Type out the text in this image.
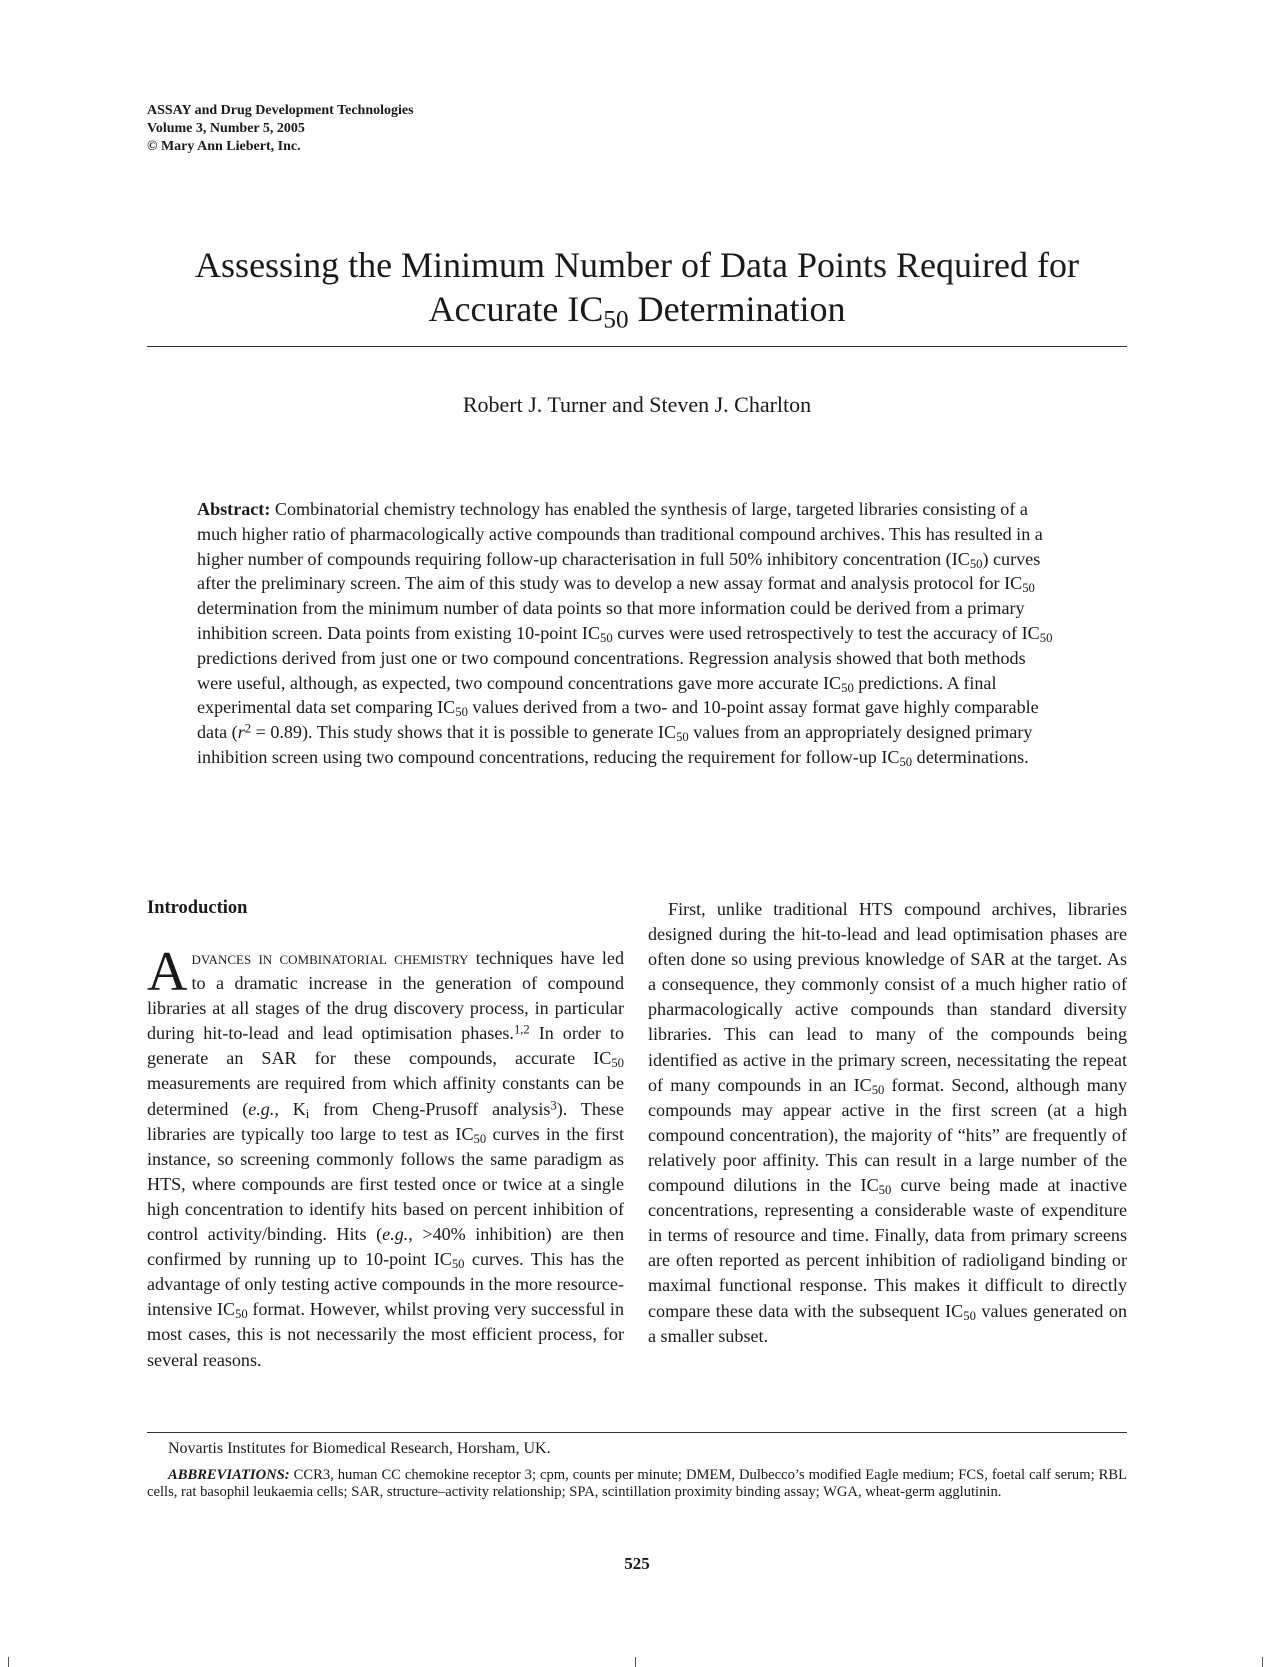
ASSAY and Drug Development Technologies
Volume 3, Number 5, 2005
© Mary Ann Liebert, Inc.
Assessing the Minimum Number of Data Points Required for
Accurate $IC_{50}$ Determination
Robert J. Turner and Steven J. Charlton

Abstract: Combinatorial chemistry technology has enabled the synthesis of large, targeted libraries consisting of a much higher ratio of pharmacologically active compounds than traditional compound archives. This has resulted in a higher number of compounds requiring follow-up characterisation in full 50% inhibitory concentration $(IC_{50})$ curves after the preliminary screen. The aim of this study was to develop a new assay format and analysis protocol for $IC_{50}$ determination from the minimum number of data points so that more information could be derived from a primary inhibition screen. Data points from existing 10-point $IC_{50}$ curves were used retrospectively to test the accuracy of $IC_{50}$ predictions derived from just one or two compound concentrations. Regression analysis showed that both methods were useful, although, as expected, two compound concentrations gave more accurate $IC_{50}$ predictions. A final experimental data set comparing $IC_{50}$ values derived from a two- and 10-point assay format gave highly comparable data $(r^2 = 0.89)$. This study shows that it is possible to generate $IC_{50}$ values from an appropriately designed primary inhibition screen using two compound concentrations, reducing the requirement for follow-up $IC_{50}$ determinations.

Introduction

Advances in combinatorial chemistry techniques have led to a dramatic increase in the generation of compound libraries at all stages of the drug discovery process, in particular during hit-to-lead and lead optimisation phases.$^{1,2}$ In order to generate an SAR for these compounds, accurate $IC_{50}$ measurements are required from which affinity constants can be determined (e.g., $K_i$ from Cheng-Prusoff analysis$^3$). These libraries are typically too large to test as $IC_{50}$ curves in the first instance, so screening commonly follows the same paradigm as HTS, where compounds are first tested once or twice at a single high concentration to identify hits based on percent inhibition of control activity/binding. Hits (e.g., >40% inhibition) are then confirmed by running up to 10-point $IC_{50}$ curves. This has the advantage of only testing active compounds in the more resource-intensive $IC_{50}$ format. However, whilst proving very successful in most cases, this is not necessarily the most efficient process, for several reasons.

First, unlike traditional HTS compound archives, libraries designed during the hit-to-lead and lead optimisation phases are often done so using previous knowledge of SAR at the target. As a consequence, they commonly consist of a much higher ratio of pharmacologically active compounds than standard diversity libraries. This can lead to many of the compounds being identified as active in the primary screen, necessitating the repeat of many compounds in an $IC_{50}$ format. Second, although many compounds may appear active in the first screen (at a high compound concentration), the majority of “hits” are frequently of relatively poor affinity. This can result in a large number of the compound dilutions in the $IC_{50}$ curve being made at inactive concentrations, representing a considerable waste of expenditure in terms of resource and time. Finally, data from primary screens are often reported as percent inhibition of radioligand binding or maximal functional response. This makes it difficult to directly compare these data with the subsequent $IC_{50}$ values generated on a smaller subset.

Novartis Institutes for Biomedical Research, Horsham, UK.
ABBREVIATIONS: CCR3, human CC chemokine receptor 3; cpm, counts per minute; DMEM, Dulbecco’s modified Eagle medium; FCS, foetal calf serum; RBL cells, rat basophil leukaemia cells; SAR, structure–activity relationship; SPA, scintillation proximity binding assay; WGA, wheat-germ agglutinin.
525
